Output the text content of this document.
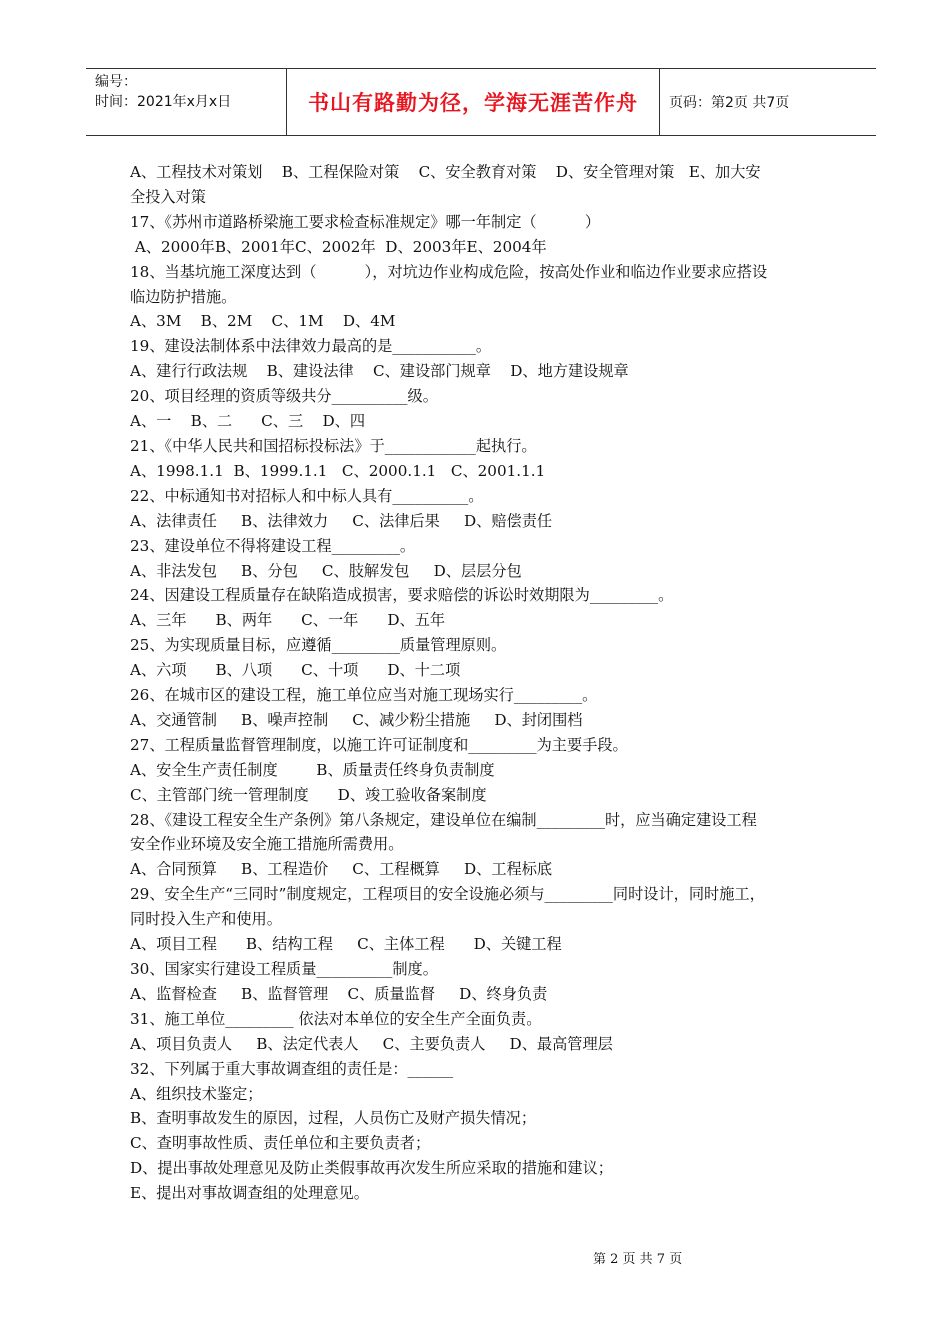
编号：
时间：2021年x月x日	书山有路勤为径，学海无涯苦作舟	页码：第2页 共7页
A、工程技术对策划    B、工程保险对策    C、安全教育对策    D、安全管理对策   E、加大安
全投入对策
17、《苏州市道路桥梁施工要求检查标准规定》哪一年制定（          ）
A、2000年B、2001年C、2002年  D、2003年E、2004年
18、当基坑施工深度达到（          ），对坑边作业构成危险，按高处作业和临边作业要求应搭设
临边防护措施。
A、3M    B、2M    C、1M    D、4M
19、建设法制体系中法律效力最高的是___________。
A、建行行政法规    B、建设法律    C、建设部门规章    D、地方建设规章
20、项目经理的资质等级共分__________级。
A、一    B、二      C、三    D、四
21、《中华人民共和国招标投标法》于____________起执行。
A、1998.1.1  B、1999.1.1   C、2000.1.1   C、2001.1.1
22、中标通知书对招标人和中标人具有__________。
A、法律责任     B、法律效力     C、法律后果     D、赔偿责任
23、建设单位不得将建设工程_________。
A、非法发包     B、分包     C、肢解发包     D、层层分包
24、因建设工程质量存在缺陷造成损害，要求赔偿的诉讼时效期限为_________。
A、三年      B、两年      C、一年      D、五年
25、为实现质量目标，应遵循_________质量管理原则。
A、六项      B、八项      C、十项      D、十二项
26、在城市区的建设工程，施工单位应当对施工现场实行_________。
A、交通管制     B、噪声控制     C、减少粉尘措施     D、封闭围档
27、工程质量监督管理制度，以施工许可证制度和_________为主要手段。
A、安全生产责任制度        B、质量责任终身负责制度
C、主管部门统一管理制度      D、竣工验收备案制度
28、《建设工程安全生产条例》第八条规定，建设单位在编制_________时，应当确定建设工程
安全作业环境及安全施工措施所需费用。
A、合同预算     B、工程造价     C、工程概算     D、工程标底
29、安全生产“三同时”制度规定，工程项目的安全设施必须与_________同时设计，同时施工，
同时投入生产和使用。
A、项目工程      B、结构工程     C、主体工程      D、关键工程
30、国家实行建设工程质量__________制度。
A、监督检查     B、监督管理    C、质量监督     D、终身负责
31、施工单位_________ 依法对本单位的安全生产全面负责。
A、项目负责人     B、法定代表人     C、主要负责人     D、最高管理层
32、下列属于重大事故调查组的责任是：______
A、组织技术鉴定；
B、查明事故发生的原因，过程，人员伤亡及财产损失情况；
C、查明事故性质、责任单位和主要负责者；
D、提出事故处理意见及防止类假事故再次发生所应采取的措施和建议；
E、提出对事故调查组的处理意见。
第 2 页 共 7 页
